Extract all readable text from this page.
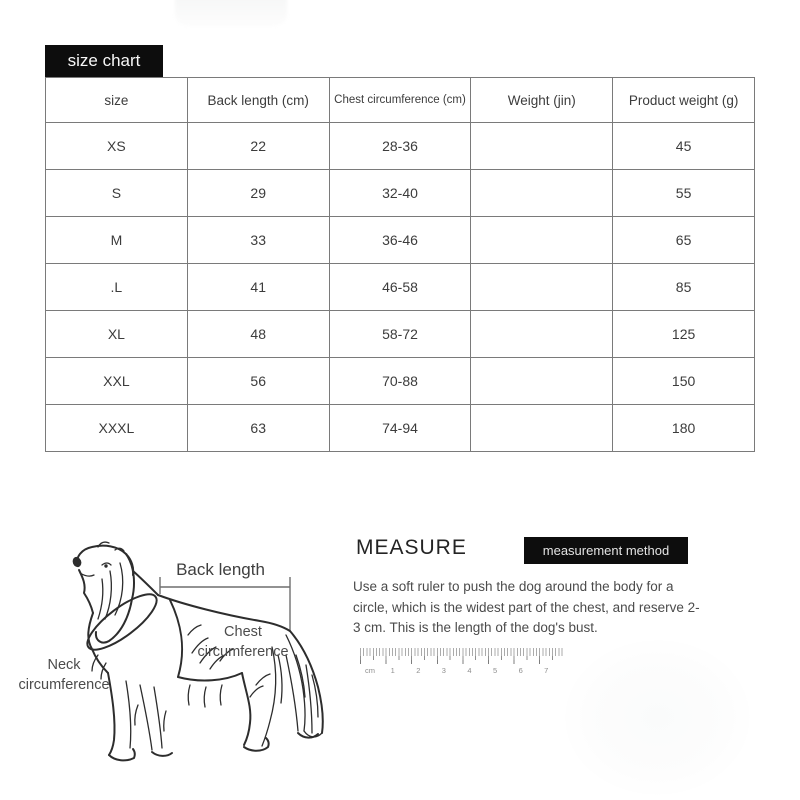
size chart
size	Back length (cm)	Chest circumference (cm)	Weight (jin)	Product weight (g)
XS	22	28-36		45
S	29	32-40		55
M	33	36-46		65
.L	41	46-58		85
XL	48	58-72		125
XXL	56	70-88		150
XXXL	63	74-94		180
Back length
Chest
circumference
Neck
circumference
MEASURE	measurement method

Use a soft ruler to push the dog around the body for a circle, which is the widest part of the chest, and reserve 2-3 cm. This is the length of the dog's bust.

cm	1	2	3	4	5	6	7
